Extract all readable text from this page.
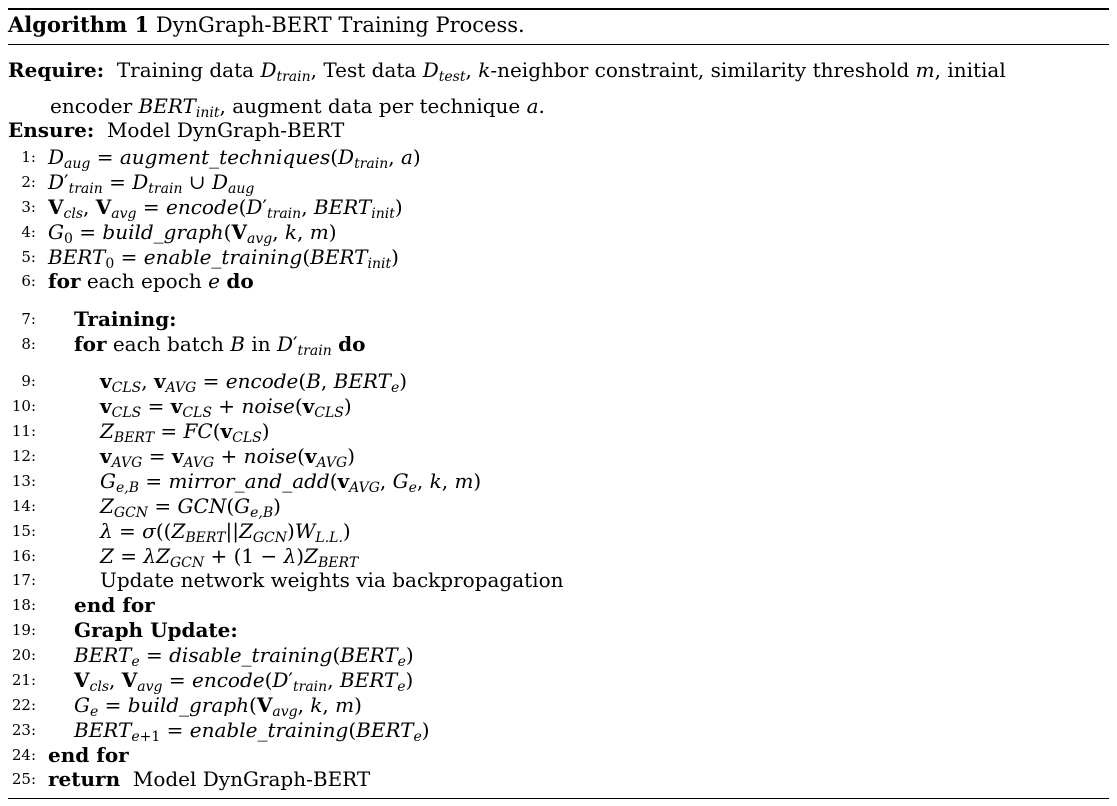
Algorithm 1 DynGraph-BERT Training Process.
Require: Training data $D_{train}$, Test data $D_{test}$, k-neighbor constraint, similarity threshold m, initial
encoder $BERT_{init}$, augment data per technique a.
Ensure: Model DynGraph-BERT
1: $D_{aug}$ = $augment\_techniques(D_{train}$, a)
2: $D'_{train} = D_{train}$ ∪ $D_{aug}$
3: $V_{cls}$, $V_{avg}$ = $encode(D'_{train}$, $BERT_{init}$)
4: $G_0$ = $build\_graph(V_{avg}$, k, m)
5: $BERT_0$ = $enable\_training(BERT_{init})$
6: for each epoch e do
7: Training:
8: for each batch B in $D'_{train}$ do
9:	$v_{CLS}$, $v_{AVG}$ = encode(B, $BERT_e$)
10:	$v_{CLS} = v_{CLS}$ + $noise(v_{CLS})$
11:	$Z_{BERT} = FC(v_{CLS})$
12:	$v_{AVG} = v_{AVG}$ + $noise(v_{AVG})$
13:	$G_{e,B}$ = $mirror\_and\_add(v_{AVG}$, $G_e$, k, m)
14:	$Z_{GCN} = GCN(G_{e,B})$
15:	$\lambda = \sigma((Z_{BERT}||Z_{GCN})W_{L.L.})$
16:	$Z = \lambda Z_{GCN} + (1 - \lambda)Z_{BERT}$
17:	Update network weights via backpropagation
18: end for
19: Graph Update:
20: $BERT_e$ = $disable\_training(BERT_e)$
21: $V_{cls}$, $V_{avg}$ = $encode(D'_{train}$, $BERT_e$)
22: $G_e$ = $build\_graph(V_{avg}$, k, m)
23: $BERT_{e+1}$ = $enable\_training(BERT_e)$
24: end for
25: return Model DynGraph-BERT
